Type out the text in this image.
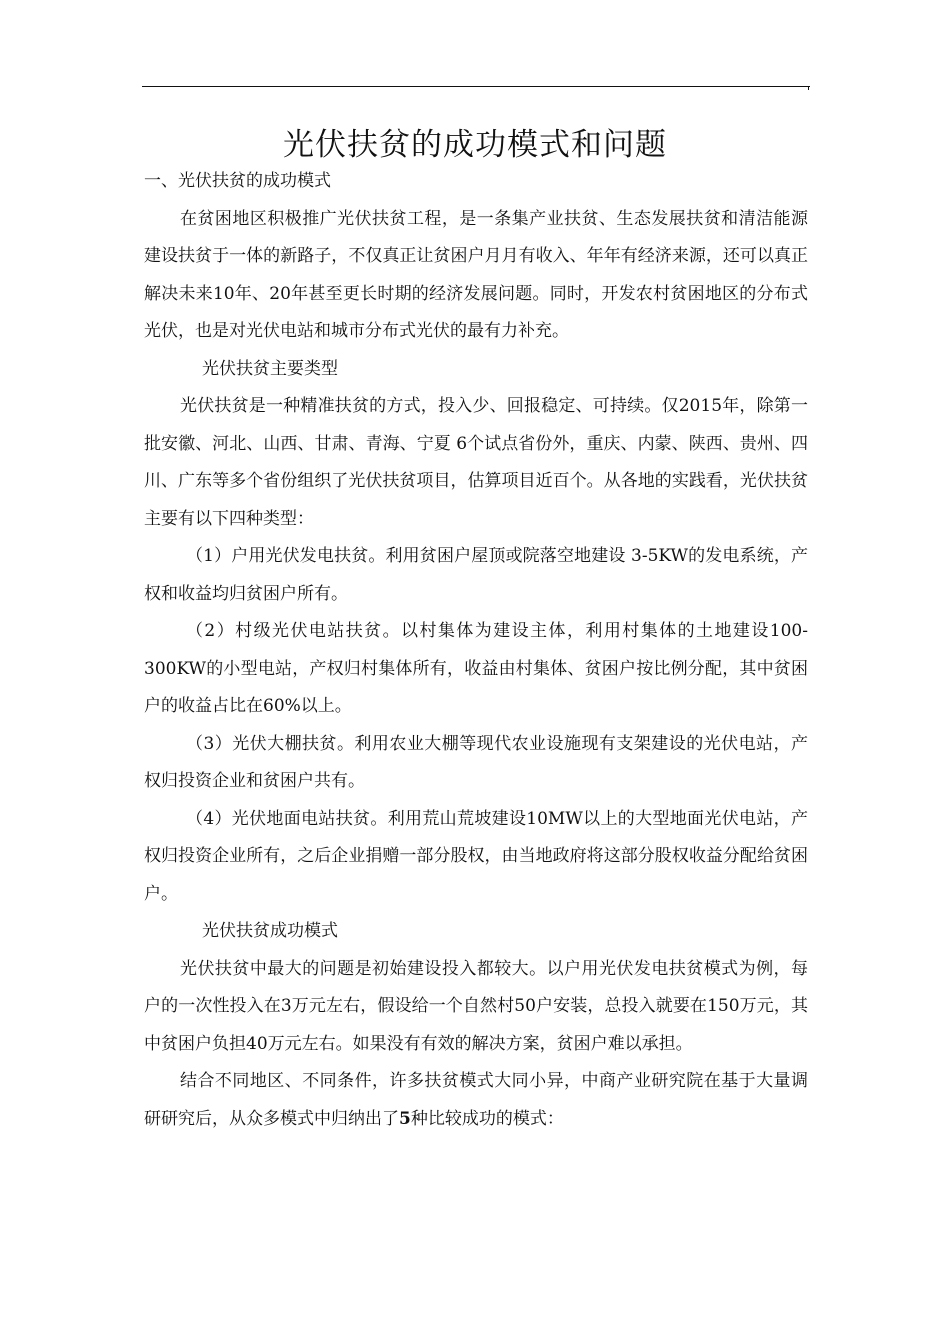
光伏扶贫的成功模式和问题

一、光伏扶贫的成功模式

在贫困地区积极推广光伏扶贫工程，是一条集产业扶贫、生态发展扶贫和清洁能源建设扶贫于一体的新路子，不仅真正让贫困户月月有收入、年年有经济来源，还可以真正解决未来10年、20年甚至更长时期的经济发展问题。同时，开发农村贫困地区的分布式光伏，也是对光伏电站和城市分布式光伏的最有力补充。

光伏扶贫主要类型

光伏扶贫是一种精准扶贫的方式，投入少、回报稳定、可持续。仅2015年，除第一批安徽、河北、山西、甘肃、青海、宁夏 6个试点省份外，重庆、内蒙、陕西、贵州、四川、广东等多个省份组织了光伏扶贫项目，估算项目近百个。从各地的实践看，光伏扶贫主要有以下四种类型：

（1）户用光伏发电扶贫。利用贫困户屋顶或院落空地建设 3-5KW的发电系统，产权和收益均归贫困户所有。

（2）村级光伏电站扶贫。以村集体为建设主体，利用村集体的土地建设100-300KW的小型电站，产权归村集体所有，收益由村集体、贫困户按比例分配，其中贫困户的收益占比在60%以上。

（3）光伏大棚扶贫。利用农业大棚等现代农业设施现有支架建设的光伏电站，产权归投资企业和贫困户共有。

（4）光伏地面电站扶贫。利用荒山荒坡建设10MW以上的大型地面光伏电站，产权归投资企业所有，之后企业捐赠一部分股权，由当地政府将这部分股权收益分配给贫困户。

光伏扶贫成功模式

光伏扶贫中最大的问题是初始建设投入都较大。以户用光伏发电扶贫模式为例，每户的一次性投入在3万元左右，假设给一个自然村50户安装，总投入就要在150万元，其中贫困户负担40万元左右。如果没有有效的解决方案，贫困户难以承担。

结合不同地区、不同条件，许多扶贫模式大同小异，中商产业研究院在基于大量调研研究后，从众多模式中归纳出了5种比较成功的模式：
